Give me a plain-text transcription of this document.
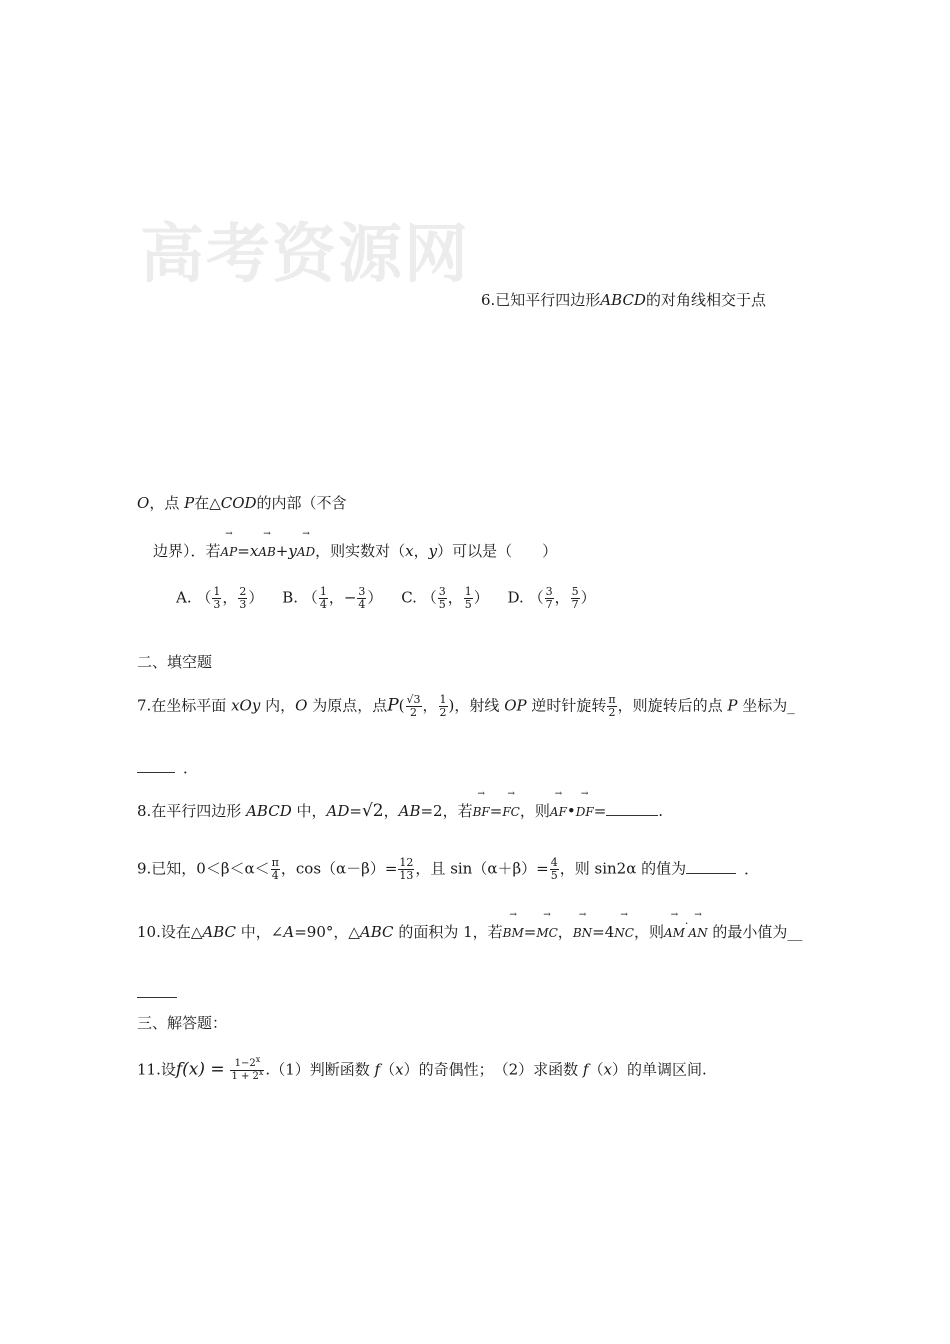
高考资源网
6.已知平行四边形ABCD的对角线相交于点
O，点 P在△COD的内部（不含
边界）．若→ AP=x→ AB+y→ AD，则实数对（x，y）可以是（　　）
A. （ $\frac{1}{3}$ ， $\frac{2}{3}$ ） B. （ $\frac{1}{4}$ ，− $\frac{3}{4}$ ） C. （ $\frac{3}{5}$ ， $\frac{1}{5}$ ） D. （ $\frac{3}{7}$ ， $\frac{5}{7}$ ）
二、填空题
7.在坐标平面 xOy 内，O 为原点，点$P( \frac{√3}{2}$ ， $\frac{1}{2}$ )，射线 OP 逆时针旋转 $\frac{\pi}{2}$ ，则旋转后的点 P 坐标为_
．
8.在平行四边形 ABCD 中，AD=√2，AB=2，若→ BF=→ FC，则→ AF•→ DF=	.
9.已知，$0<\beta<\alpha< \frac{\pi}{4}$ ，$\cos(\alpha-\beta)= \frac{12}{13}$ ，且 $\sin(\alpha+\beta)= \frac{4}{5}$ ，则 sin2α 的值为	．
10.设在△ABC 中，∠A=90°，△ABC 的面积为 1，若→ BM=→ MC，→ BN=4→ NC，则→ AM·→ AN 的最小值为__
三、解答题：
11.设$f(x) = \frac{1-2^x}{1 + 2^x} .(1)$判断函数 f（x）的奇偶性；　（2）求函数 f（x）的单调区间.
